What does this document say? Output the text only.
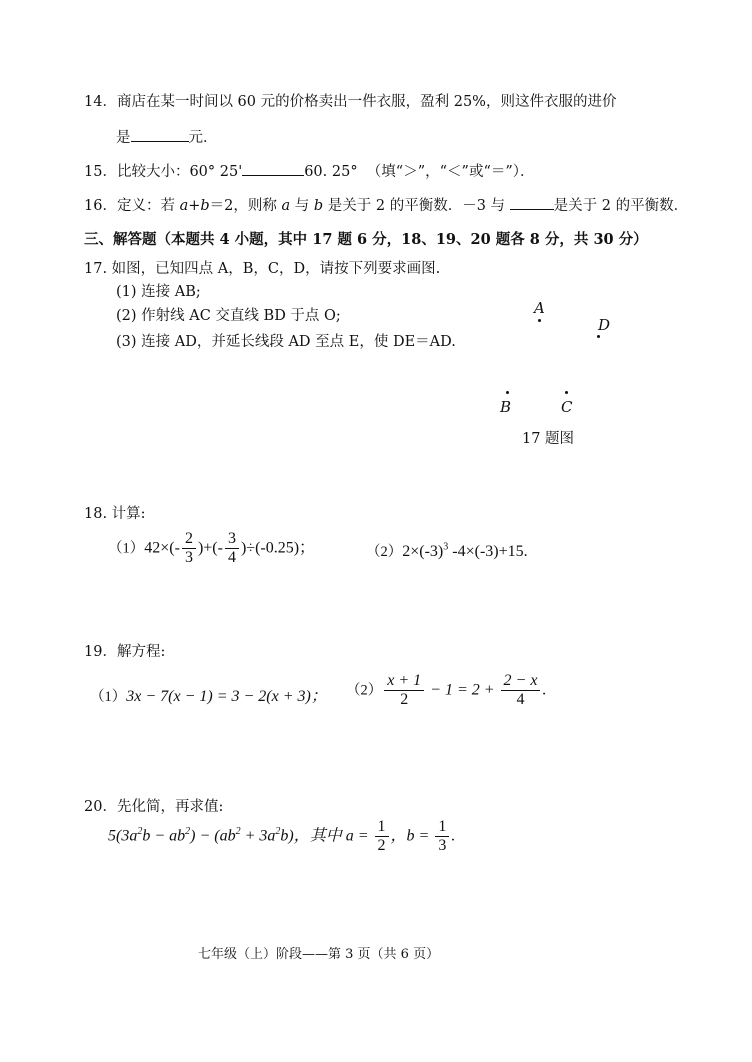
14．商店在某一时间以 60 元的价格卖出一件衣服，盈利 25%，则这件衣服的进价
是	元．
15．比较大小：60° 25'	60. 25° （填“＞”，“＜”或“＝”）．
16．定义：若 a+b＝2，则称 a 与 b 是关于 2 的平衡数．－3 与	是关于 2 的平衡数．
三、解答题（本题共 4 小题，其中 17 题 6 分，18、19、20 题各 8 分，共 30 分）
17. 如图，已知四点 A，B，C，D，请按下列要求画图.
(1) 连接 AB;
(2) 作射线 AC 交直线 BD 于点 O;
(3) 连接 AD，并延长线段 AD 至点 E，使 DE＝AD.
A
D
B	C
17 题图
18. 计算:
$(1)42\times(- \frac{2}{3}$ )+(- $\frac{3}{4} )\div(-0.25)$；	$(2)2\times(-3)^3$ -4×(-3)+15.
19．解方程:
（1）3x − 7(x − 1) = 3 − 2(x + 3)； $(2) \frac{x + 1}{2} - 1 = 2 + \frac{2 - x}{4}$ .
20．先化简，再求值:
$5(3a^2b - ab^2) - (ab^2 + 3a^2b)$，其中 $a = \frac{1}{2}$ ，$b = \frac{1}{3}$ .
七年级（上）阶段——第 3 页（共 6 页）
